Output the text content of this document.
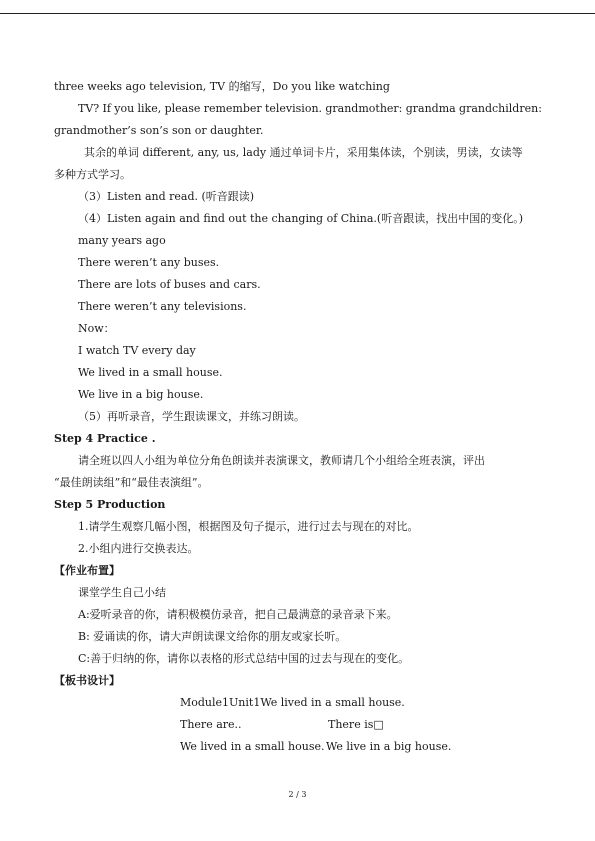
three weeks ago television, TV 的缩写，Do you like watching
TV? If you like, please remember television. grandmother: grandma grandchildren:
grandmother’s son’s son or daughter.
其余的单词 different, any, us, lady 通过单词卡片，采用集体读，个别读，男读，女读等
多种方式学习。
（3）Listen and read. (听音跟读)
（4）Listen again and find out the changing of China.(听音跟读，找出中国的变化。)
many years ago
There weren’t any buses.
There are lots of buses and cars.
There weren’t any televisions.
Now：
I watch TV every day
We lived in a small house.
We live in a big house.
（5）再听录音，学生跟读课文，并练习朗读。
Step 4 Practice .
请全班以四人小组为单位分角色朗读并表演课文，教师请几个小组给全班表演，评出
“最佳朗读组”和“最佳表演组”。
Step 5 Production
1.请学生观察几幅小图，根据图及句子提示，进行过去与现在的对比。
2.小组内进行交换表达。
【作业布置】
课堂学生自己小结
A:爱听录音的你，请积极模仿录音，把自己最满意的录音录下来。
B: 爱诵读的你，请大声朗读课文给你的朋友或家长听。
C:善于归纳的你，请你以表格的形式总结中国的过去与现在的变化。
【板书设计】
Module1Unit1We lived in a small house.
There are..	There is□
We lived in a small house. We live in a big house.
2 / 3
